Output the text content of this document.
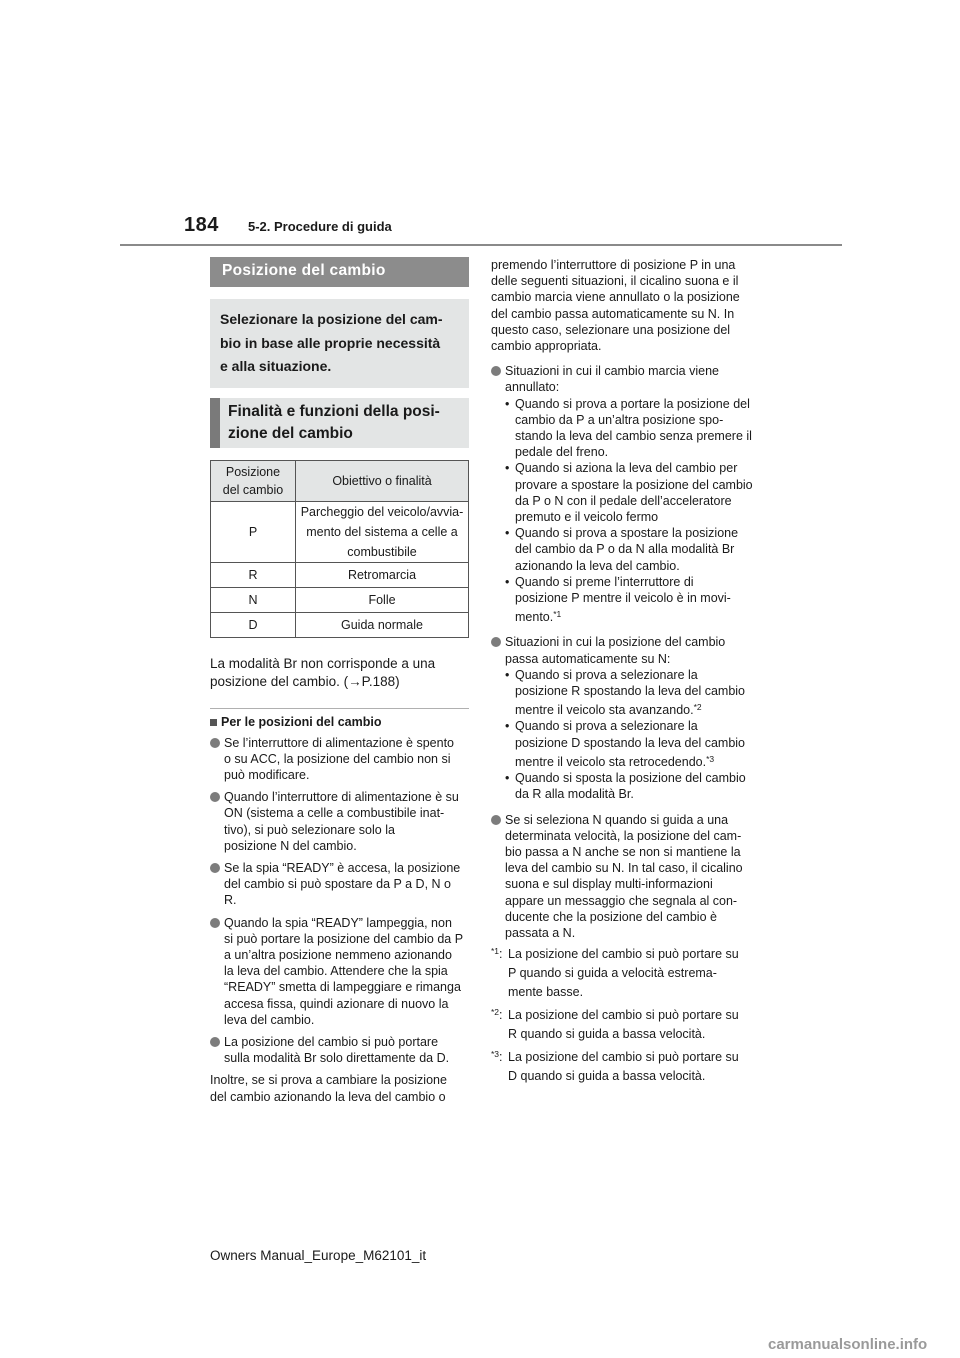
184 5-2. Procedure di guida
Posizione del cambio
Selezionare la posizione del cam-
bio in base alle proprie necessità
e alla situazione.
Finalità e funzioni della posi-
zione del cambio
Posizione
del cambio	Obiettivo o finalità
P	Parcheggio del veicolo/avvia-
mento del sistema a celle a
combustibile

R	Retromarcia
N	Folle
D	Guida normale
La modalità Br non corrisponde a una
posizione del cambio. (→P.188)
Per le posizioni del cambio
Se l’interruttore di alimentazione è spento
o su ACC, la posizione del cambio non si
può modificare.
Quando l’interruttore di alimentazione è su
ON (sistema a celle a combustibile inat-
tivo), si può selezionare solo la
posizione N del cambio.
Se la spia “READY” è accesa, la posizione
del cambio si può spostare da P a D, N o
R.
Quando la spia “READY” lampeggia, non
si può portare la posizione del cambio da P
a un’altra posizione nemmeno azionando
la leva del cambio. Attendere che la spia
“READY” smetta di lampeggiare e rimanga
accesa fissa, quindi azionare di nuovo la
leva del cambio.
La posizione del cambio si può portare
sulla modalità Br solo direttamente da D.
Inoltre, se si prova a cambiare la posizione
del cambio azionando la leva del cambio o
premendo l’interruttore di posizione P in una
delle seguenti situazioni, il cicalino suona e il
cambio marcia viene annullato o la posizione
del cambio passa automaticamente su N. In
questo caso, selezionare una posizione del
cambio appropriata.
Situazioni in cui il cambio marcia viene
annullato:
• Quando si prova a portare la posizione del
cambio da P a un’altra posizione spo-
stando la leva del cambio senza premere il
pedale del freno.
• Quando si aziona la leva del cambio per
provare a spostare la posizione del cambio
da P o N con il pedale dell’acceleratore
premuto e il veicolo fermo
• Quando si prova a spostare la posizione
del cambio da P o da N alla modalità Br
azionando la leva del cambio.
• Quando si preme l’interruttore di
posizione P mentre il veicolo è in movi-
mento.$^{*1}$
Situazioni in cui la posizione del cambio
passa automaticamente su N:
• Quando si prova a selezionare la
posizione R spostando la leva del cambio
mentre il veicolo sta avanzando.$^{*2}$
• Quando si prova a selezionare la
posizione D spostando la leva del cambio
mentre il veicolo sta retrocedendo.$^{*3}$
• Quando si sposta la posizione del cambio
da R alla modalità Br.
Se si seleziona N quando si guida a una
determinata velocità, la posizione del cam-
bio passa a N anche se non si mantiene la
leva del cambio su N. In tal caso, il cicalino
suona e sul display multi-informazioni
appare un messaggio che segnala al con-
ducente che la posizione del cambio è
passata a N.
$^{*1}$: La posizione del cambio si può portare su
P quando si guida a velocità estrema-
mente basse.
$^{*2}$: La posizione del cambio si può portare su
R quando si guida a bassa velocità.
$^{*3}$: La posizione del cambio si può portare su
D quando si guida a bassa velocità.
Owners Manual_Europe_M62101_it
carmanualsonline.info
